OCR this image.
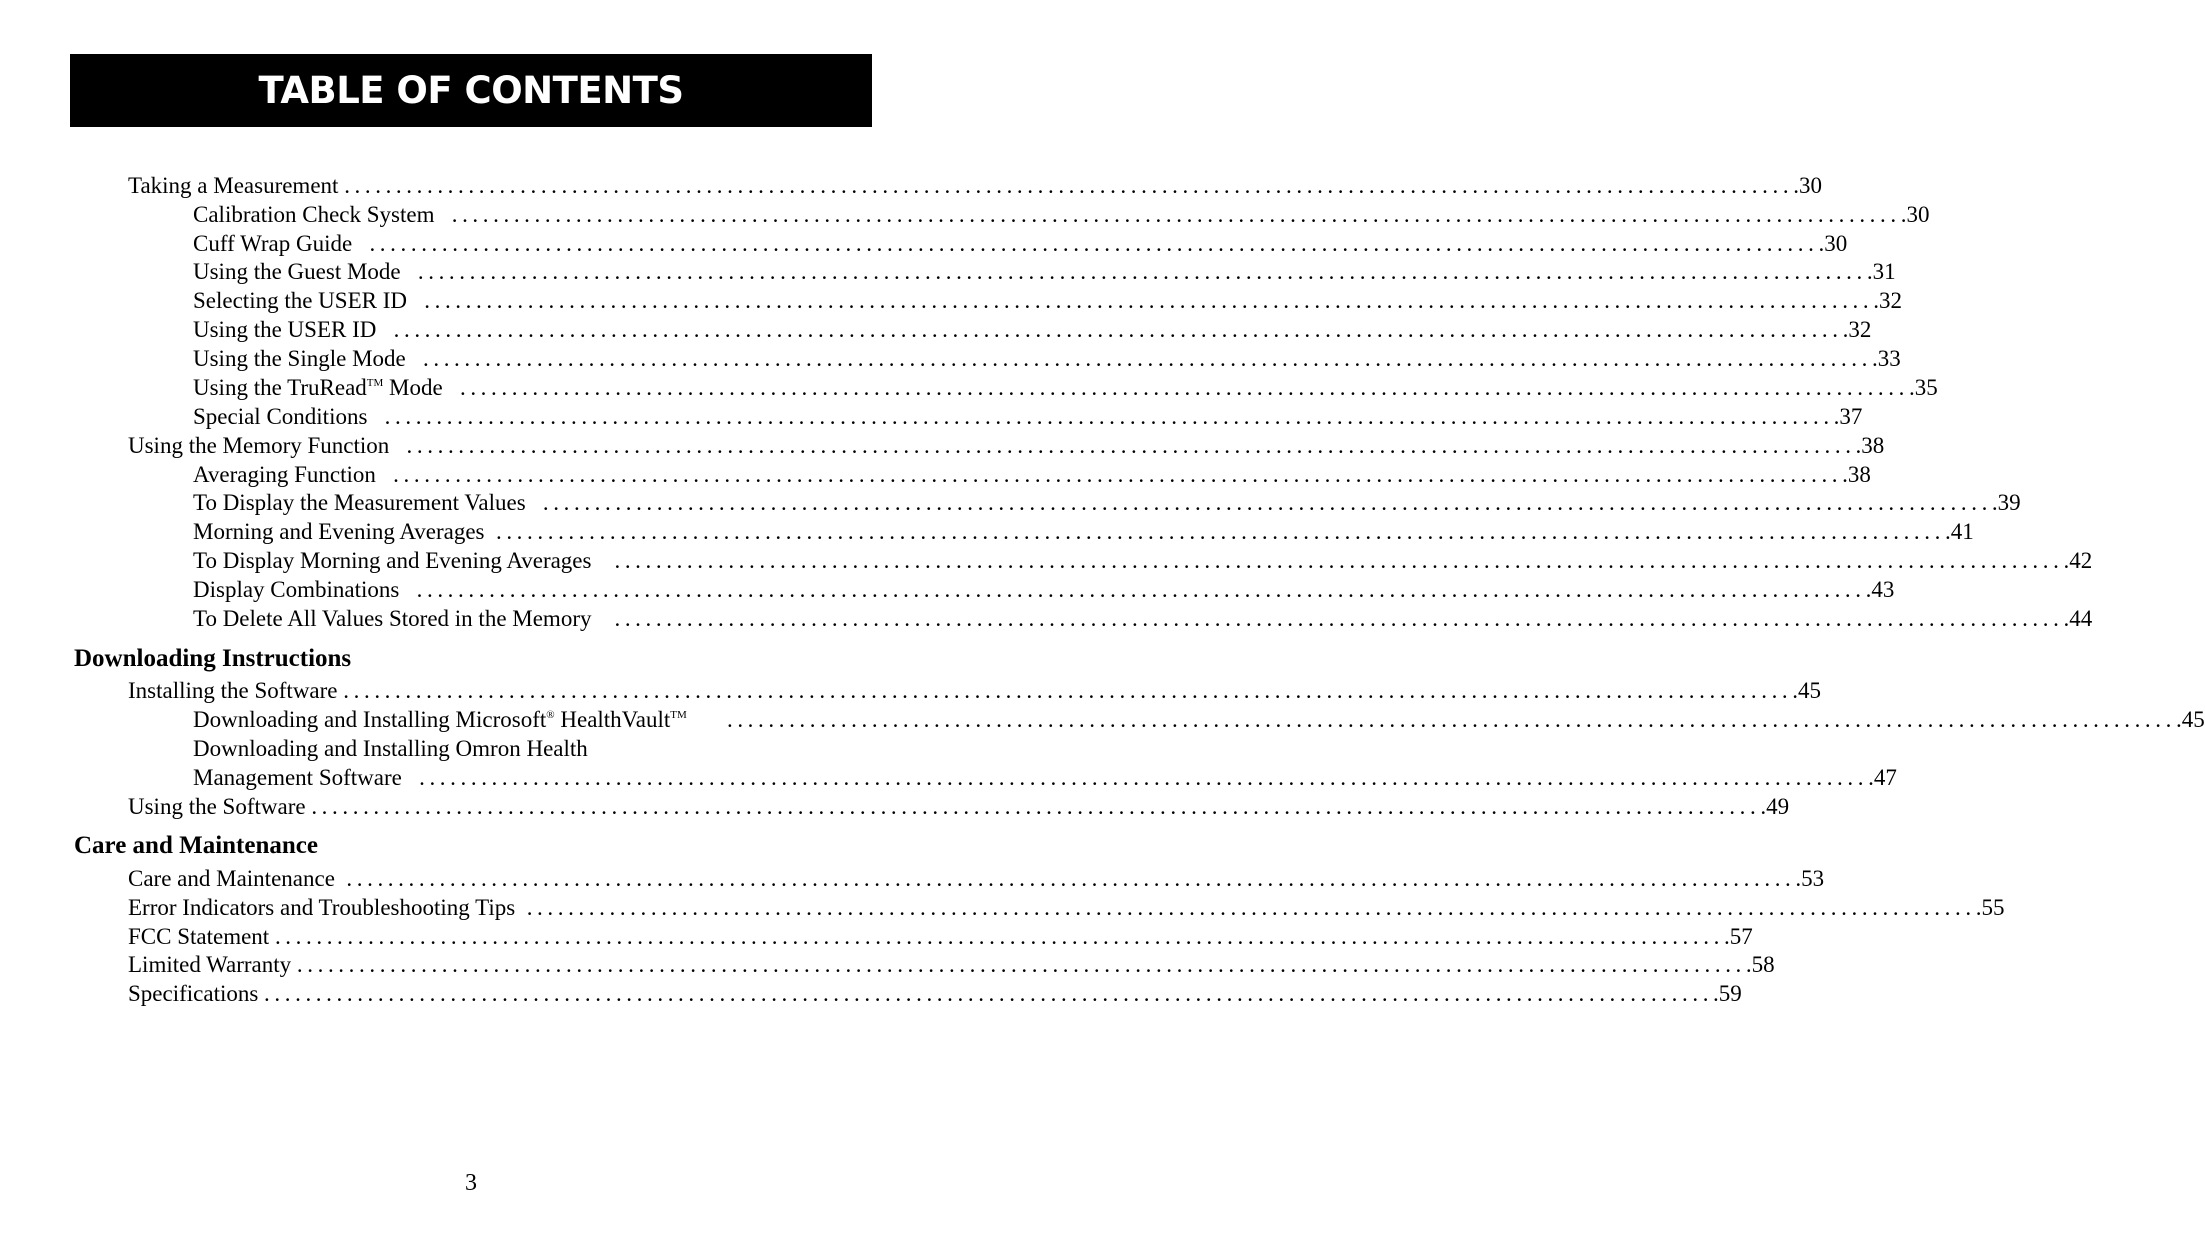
TABLE OF CONTENTS
Taking a Measurement
............................................................................................................................................ .30
Calibration Check System
............................................................................................................................................ .30
Cuff Wrap Guide
............................................................................................................................................ .30
Using the Guest Mode
............................................................................................................................................ .31
Selecting the USER ID
............................................................................................................................................ .32
Using the USER ID
............................................................................................................................................ .32
Using the Single Mode
............................................................................................................................................ .33
Using the TruRead™ Mode
............................................................................................................................................ .35
Special Conditions
............................................................................................................................................ .37
Using the Memory Function
............................................................................................................................................ .38
Averaging Function
............................................................................................................................................ .38
To Display the Measurement Values
............................................................................................................................................ .39
Morning and Evening Averages
............................................................................................................................................ .41
To Display Morning and Evening Averages
............................................................................................................................................ .42
Display Combinations
............................................................................................................................................ .43
To Delete All Values Stored in the Memory
............................................................................................................................................ .44
Downloading Instructions
Installing the Software
............................................................................................................................................ .45
Downloading and Installing Microsoft® HealthVault™
............................................................................................................................................ .45
Downloading and Installing Omron Health
Management Software
............................................................................................................................................ .47
Using the Software
............................................................................................................................................ .49
Care and Maintenance
Care and Maintenance
............................................................................................................................................ .53
Error Indicators and Troubleshooting Tips
............................................................................................................................................ .55
FCC Statement
............................................................................................................................................ .57
Limited Warranty
............................................................................................................................................ .58
Specifications
............................................................................................................................................ .59
3
